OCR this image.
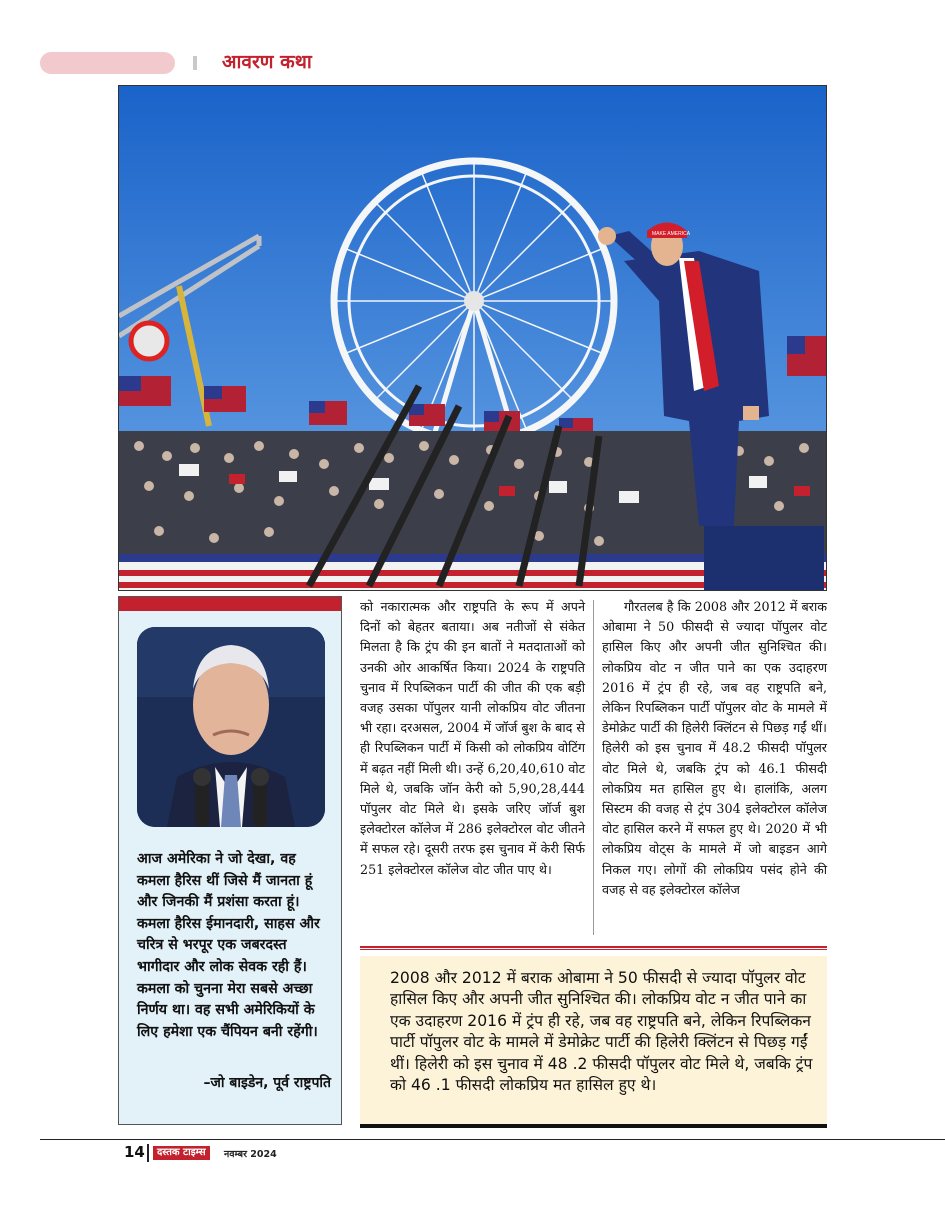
आवरण कथा
MAKE AMERICA

आज अमेरिका ने जो देखा, वह कमला हैरिस थीं जिसे मैं जानता हूं और जिनकी मैं प्रशंसा करता हूं। कमला हैरिस ईमानदारी, साहस और चरित्र से भरपूर एक जबरदस्त भागीदार और लोक सेवक रही हैं। कमला को चुनना मेरा सबसे अच्छा निर्णय था। वह सभी अमेरिकियों के लिए हमेशा एक चैंपियन बनी रहेंगी।

–जो बाइडेन, पूर्व राष्ट्रपति

को नकारात्मक और राष्ट्रपति के रूप में अपने दिनों को बेहतर बताया। अब नतीजों से संकेत मिलता है कि ट्रंप की इन बातों ने मतदाताओं को उनकी ओर आकर्षित किया। 2024 के राष्ट्रपति चुनाव में रिपब्लिकन पार्टी की जीत की एक बड़ी वजह उसका पॉपुलर यानी लोकप्रिय वोट जीतना भी रहा। दरअसल, 2004 में जॉर्ज बुश के बाद से ही रिपब्लिकन पार्टी में किसी को लोकप्रिय वोटिंग में बढ़त नहीं मिली थी। उन्हें 6,20,40,610 वोट मिले थे, जबकि जॉन केरी को 5,90,28,444 पॉपुलर वोट मिले थे। इसके जरिए जॉर्ज बुश इलेक्टोरल कॉलेज में 286 इलेक्टोरल वोट जीतने में सफल रहे। दूसरी तरफ इस चुनाव में केरी सिर्फ 251 इलेक्टोरल कॉलेज वोट जीत पाए थे।

गौरतलब है कि 2008 और 2012 में बराक ओबामा ने 50 फीसदी से ज्यादा पॉपुलर वोट हासिल किए और अपनी जीत सुनिश्चित की। लोकप्रिय वोट न जीत पाने का एक उदाहरण 2016 में ट्रंप ही रहे, जब वह राष्ट्रपति बने, लेकिन रिपब्लिकन पार्टी पॉपुलर वोट के मामले में डेमोक्रेट पार्टी की हिलेरी क्लिंटन से पिछड़ गईं थीं। हिलेरी को इस चुनाव में 48.2 फीसदी पॉपुलर वोट मिले थे, जबकि ट्रंप को 46.1 फीसदी लोकप्रिय मत हासिल हुए थे। हालांकि, अलग सिस्टम की वजह से ट्रंप 304 इलेक्टोरल कॉलेज वोट हासिल करने में सफल हुए थे। 2020 में भी लोकप्रिय वोट्स के मामले में जो बाइडन आगे निकल गए। लोगों की लोकप्रिय पसंद होने की वजह से वह इलेक्टोरल कॉलेज

2008 और 2012 में बराक ओबामा ने 50 फीसदी से ज्यादा पॉपुलर वोट हासिल किए और अपनी जीत सुनिश्चित की। लोकप्रिय वोट न जीत पाने का एक उदाहरण 2016 में ट्रंप ही रहे, जब वह राष्ट्रपति बने, लेकिन रिपब्लिकन पार्टी पॉपुलर वोट के मामले में डेमोक्रेट पार्टी की हिलेरी क्लिंटन से पिछड़ गईं थीं। हिलेरी को इस चुनाव में 48 .2 फीसदी पॉपुलर वोट मिले थे, जबकि ट्रंप को 46 .1 फीसदी लोकप्रिय मत हासिल हुए थे।

14	दस्तक टाइम्स	नवम्बर 2024
